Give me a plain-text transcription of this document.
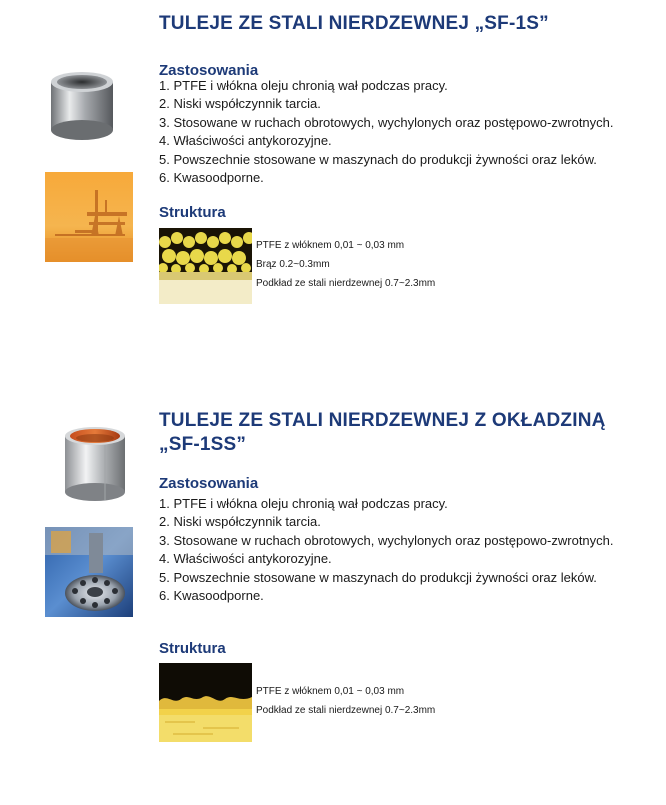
TULEJE ZE STALI NIERDZEWNEJ „SF-1S”
Zastosowania
1. PTFE i włókna oleju chronią wał podczas pracy.
2. Niski współczynnik tarcia.
3. Stosowane w ruchach obrotowych, wychylonych oraz postępowo-zwrotnych.
4. Właściwości antykorozyjne.
5. Powszechnie stosowane w maszynach do produkcji żywności oraz leków.
6. Kwasoodporne.
Struktura
PTFE z włóknem 0,01 ~ 0,03 mm
Brąz 0.2~0.3mm
Podkład ze stali nierdzewnej 0.7~2.3mm
TULEJE ZE STALI NIERDZEWNEJ Z OKŁADZINĄ
„SF-1SS”
Zastosowania
1. PTFE i włókna oleju chronią wał podczas pracy.
2. Niski współczynnik tarcia.
3. Stosowane w ruchach obrotowych, wychylonych oraz postępowo-zwrotnych.
4. Właściwości antykorozyjne.
5. Powszechnie stosowane w maszynach do produkcji żywności oraz leków.
6. Kwasoodporne.
Struktura
PTFE z włóknem 0,01 ~ 0,03 mm
Podkład ze stali nierdzewnej 0.7~2.3mm
